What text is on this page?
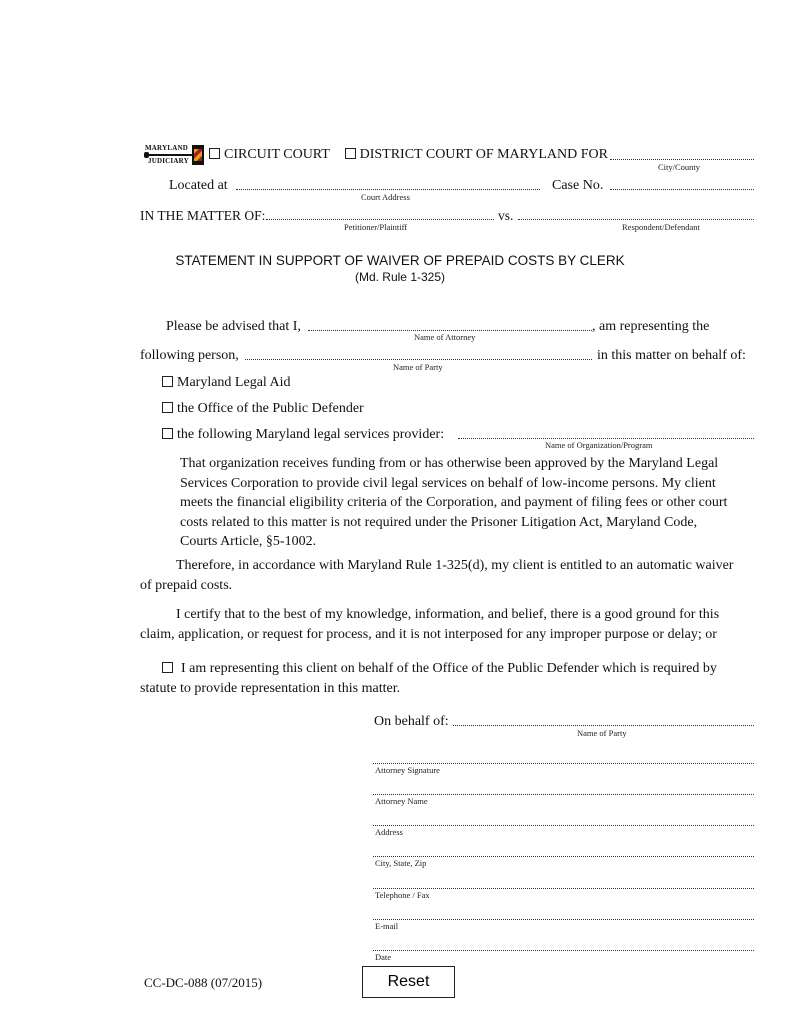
MARYLAND
JUDICIARY	CIRCUIT COURT DISTRICT COURT OF MARYLAND FOR
City/County
Located at
Court Address
Case No.
IN THE MATTER OF:
Petitioner/Plaintiff
vs.
Respondent/Defendant
STATEMENT IN SUPPORT OF WAIVER OF PREPAID COSTS BY CLERK
(Md. Rule 1-325)
Please be advised that I,
Name of Attorney
, am representing the
following person,
Name of Party
in this matter on behalf of:
Maryland Legal Aid
the Office of the Public Defender
the following Maryland legal services provider:
Name of Organization/Program
That organization receives funding from or has otherwise been approved by the Maryland Legal
Services Corporation to provide civil legal services on behalf of low-income persons. My client
meets the financial eligibility criteria of the Corporation, and payment of filing fees or other court
costs related to this matter is not required under the Prisoner Litigation Act, Maryland Code,
Courts Article, §5-1002.
Therefore, in accordance with Maryland Rule 1-325(d), my client is entitled to an automatic waiver
of prepaid costs.
I certify that to the best of my knowledge, information, and belief, there is a good ground for this
claim, application, or request for process, and it is not interposed for any improper purpose or delay; or
I am representing this client on behalf of the Office of the Public Defender which is required by
statute to provide representation in this matter.
On behalf of:
Name of Party
Attorney Signature
Attorney Name
Address
City, State, Zip
Telephone / Fax
E-mail
Date
CC-DC-088 (07/2015)	Reset
